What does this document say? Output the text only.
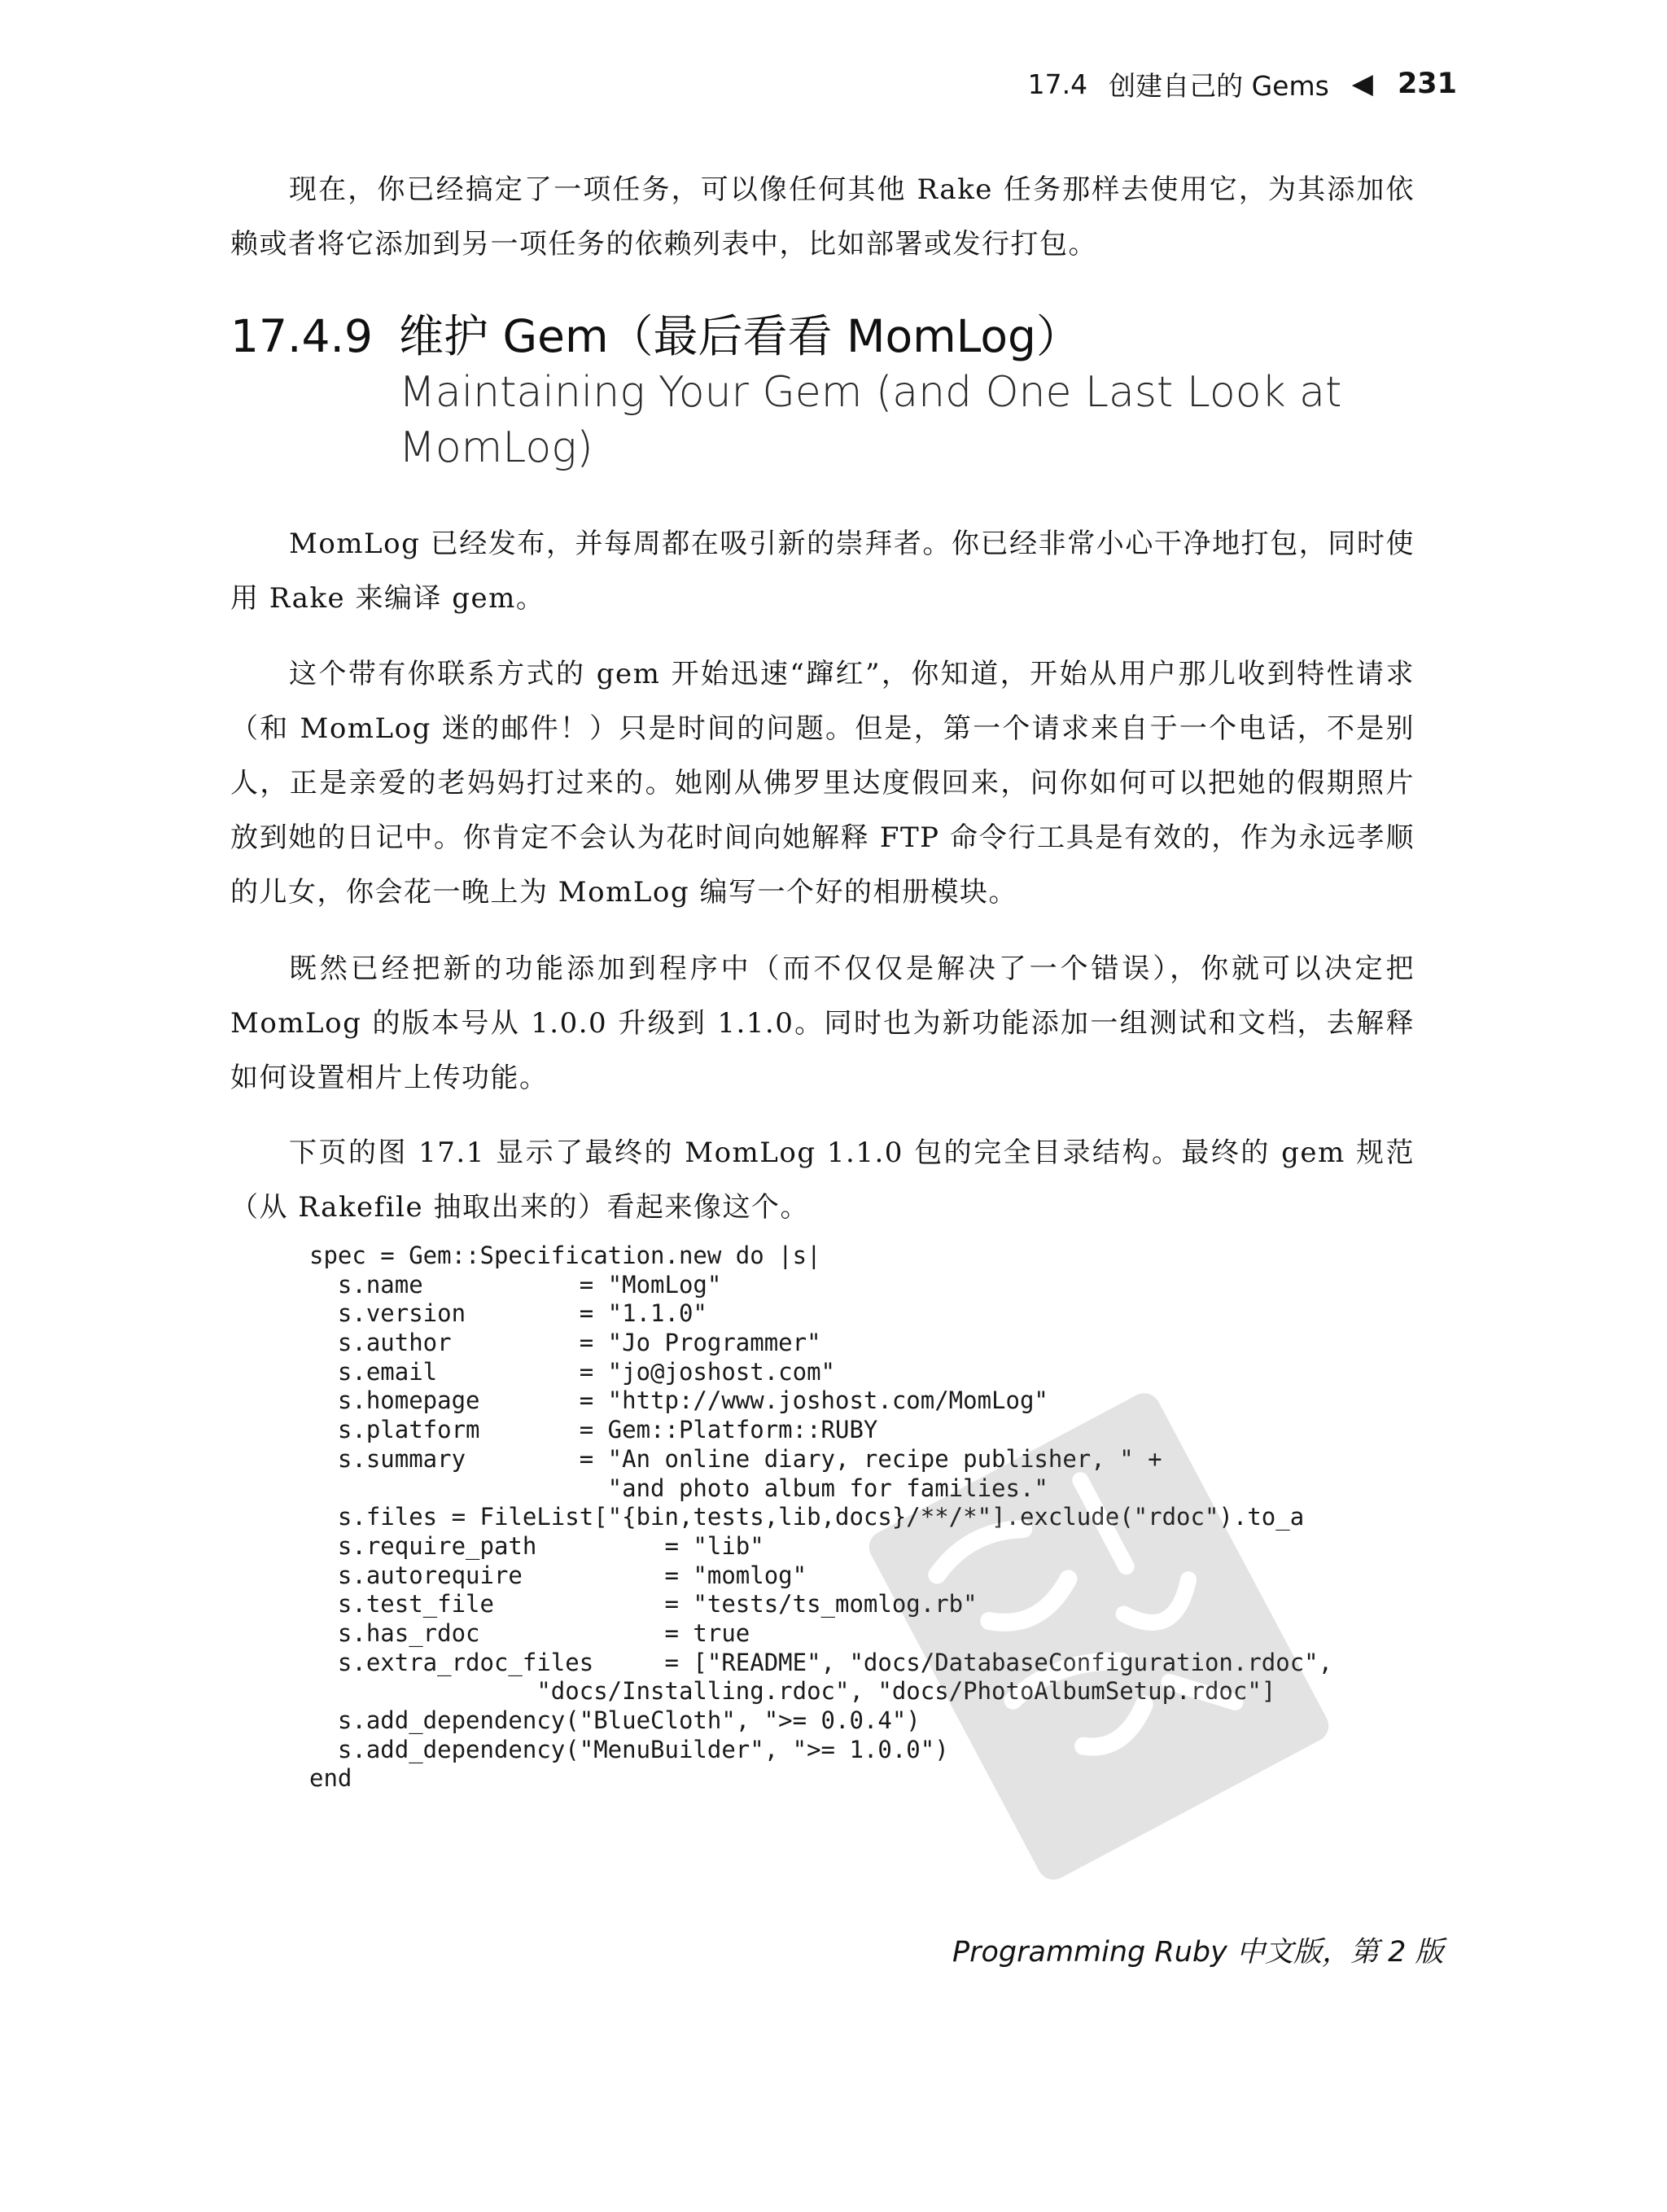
17.4 创建自己的 Gems ◀ 231

现在，你已经搞定了一项任务，可以像任何其他 Rake 任务那样去使用它，为其添加依赖或者将它添加到另一项任务的依赖列表中，比如部署或发行打包。

17.4.9 维护 Gem（最后看看 MomLog）
Maintaining Your Gem (and One Last Look at MomLog)

MomLog 已经发布，并每周都在吸引新的崇拜者。你已经非常小心干净地打包，同时使用 Rake 来编译 gem。

这个带有你联系方式的 gem 开始迅速“蹿红”，你知道，开始从用户那儿收到特性请求（和 MomLog 迷的邮件！）只是时间的问题。但是，第一个请求来自于一个电话，不是别人，正是亲爱的老妈妈打过来的。她刚从佛罗里达度假回来，问你如何可以把她的假期照片放到她的日记中。你肯定不会认为花时间向她解释 FTP 命令行工具是有效的，作为永远孝顺的儿女，你会花一晚上为 MomLog 编写一个好的相册模块。

既然已经把新的功能添加到程序中（而不仅仅是解决了一个错误），你就可以决定把 MomLog 的版本号从 1.0.0 升级到 1.1.0。同时也为新功能添加一组测试和文档，去解释如何设置相片上传功能。

下页的图 17.1 显示了最终的 MomLog 1.1.0 包的完全目录结构。最终的 gem 规范（从 Rakefile 抽取出来的）看起来像这个。

spec = Gem::Specification.new do |s|
s.name           = "MomLog"
s.version        = "1.1.0"
s.author         = "Jo Programmer"
s.email          = "jo@joshost.com"
s.homepage       = "http://www.joshost.com/MomLog"
s.platform       = Gem::Platform::RUBY
s.summary        = "An online diary, recipe publisher, " +
"and photo album for families."
s.files = FileList["{bin,tests,lib,docs}/**/*"].exclude("rdoc").to_a
s.require_path         = "lib"
s.autorequire          = "momlog"
s.test_file            = "tests/ts_momlog.rb"
s.has_rdoc             = true
s.extra_rdoc_files     = ["README", "docs/DatabaseConfiguration.rdoc",
"docs/Installing.rdoc", "docs/PhotoAlbumSetup.rdoc"]
s.add_dependency("BlueCloth", ">= 0.0.4")
s.add_dependency("MenuBuilder", ">= 1.0.0")
end
Programming Ruby 中文版，第 2 版
